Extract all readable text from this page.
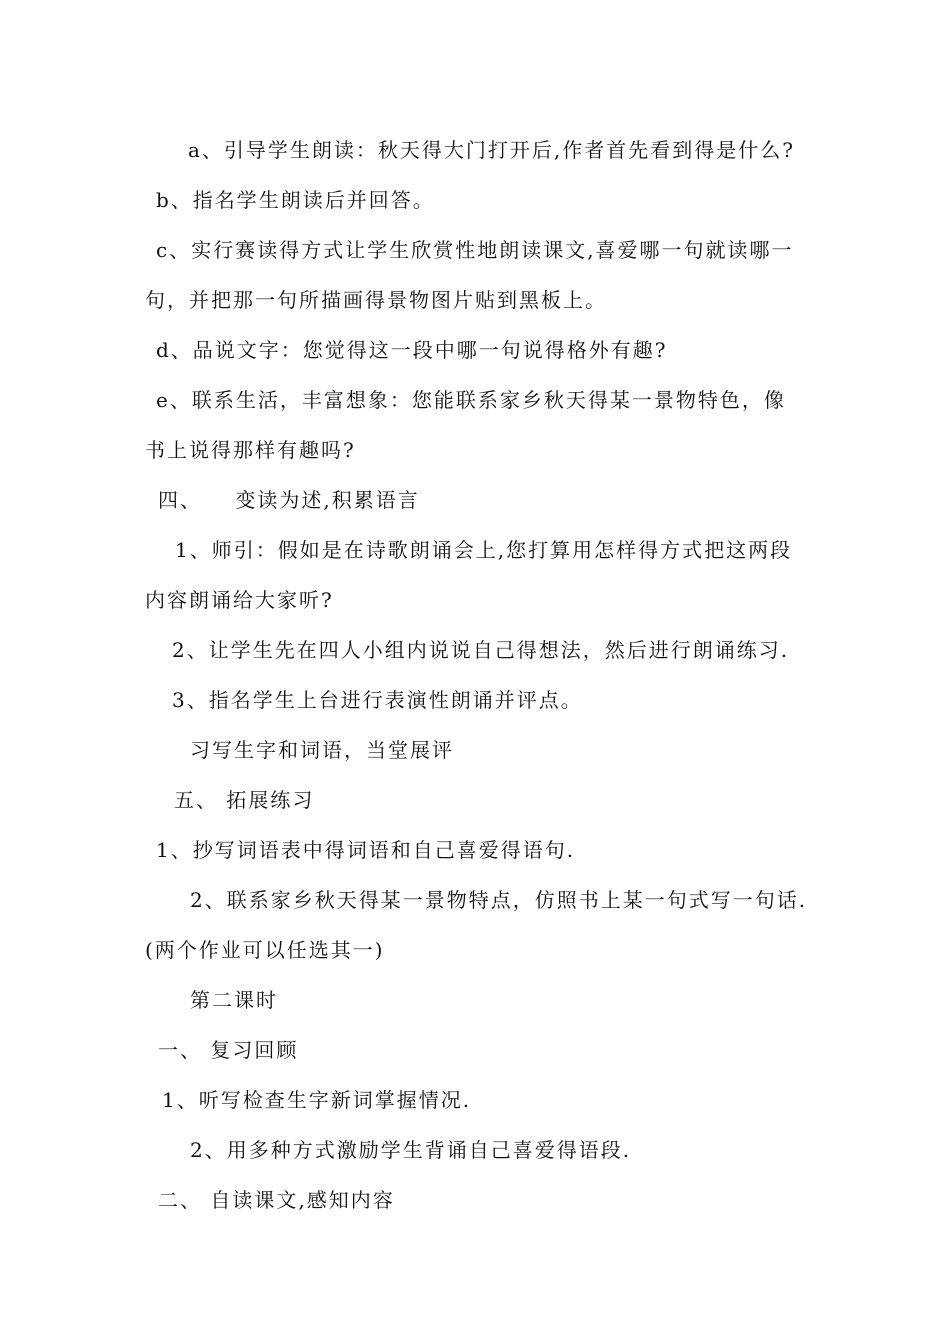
a、引导学生朗读：秋天得大门打开后,作者首先看到得是什么?
b、指名学生朗读后并回答。
c、实行赛读得方式让学生欣赏性地朗读课文,喜爱哪一句就读哪一
句，并把那一句所描画得景物图片贴到黑板上。
d、品说文字：您觉得这一段中哪一句说得格外有趣?
e、联系生活，丰富想象：您能联系家乡秋天得某一景物特色，像
书上说得那样有趣吗?
四、    变读为述,积累语言
1、师引：假如是在诗歌朗诵会上,您打算用怎样得方式把这两段
内容朗诵给大家听?
2、让学生先在四人小组内说说自己得想法，然后进行朗诵练习.
3、指名学生上台进行表演性朗诵并评点。
习写生字和词语，当堂展评
五、 拓展练习
1、抄写词语表中得词语和自己喜爱得语句.
2、联系家乡秋天得某一景物特点，仿照书上某一句式写一句话.
(两个作业可以任选其一)
第二课时
一、 复习回顾
1、听写检查生字新词掌握情况.
2、用多种方式激励学生背诵自己喜爱得语段.
二、 自读课文,感知内容
